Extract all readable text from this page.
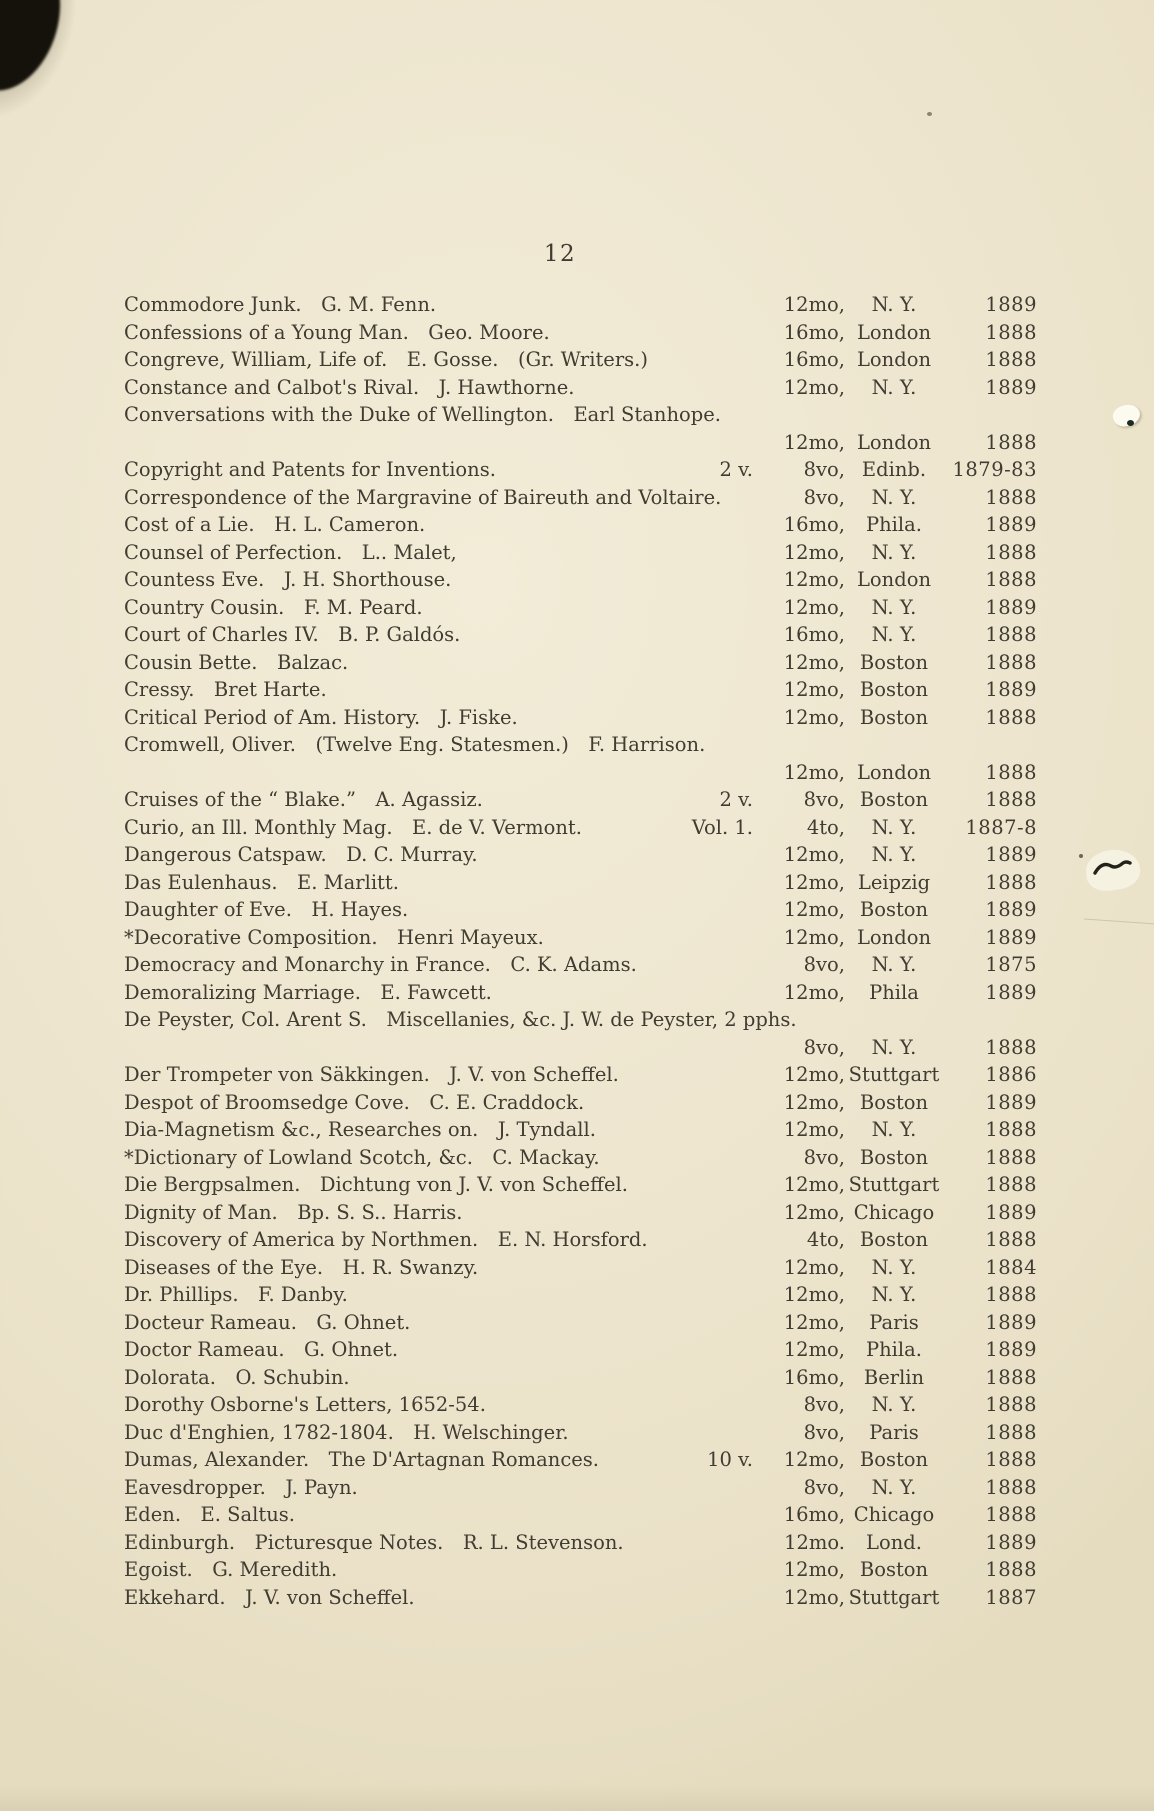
12
Commodore Junk.  G. M. Fenn.	12mo,	N. Y.	1889
Confessions of a Young Man.  Geo. Moore.	16mo, London	1888
Congreve, William, Life of.  E. Gosse.  (Gr. Writers.)	16mo, London	1888
Constance and Calbot's Rival.  J. Hawthorne.	12mo,	N. Y.	1889
Conversations with the Duke of Wellington.  Earl Stanhope.
12mo, London	1888
Copyright and Patents for Inventions.	2 v.	8vo, Edinb.	1879-83
Correspondence of the Margravine of Baireuth and Voltaire.	8vo,	N. Y.	1888
Cost of a Lie.  H. L. Cameron.	16mo,	Phila.	1889
Counsel of Perfection.  L.. Malet,	12mo,	N. Y.	1888
Countess Eve.  J. H. Shorthouse.	12mo, London	1888
Country Cousin.  F. M. Peard.	12mo,	N. Y.	1889
Court of Charles IV.  B. P. Galdós.	16mo,	N. Y.	1888
Cousin Bette.  Balzac.	12mo, Boston	1888
Cressy.  Bret Harte.	12mo, Boston	1889
Critical Period of Am. History.  J. Fiske.	12mo, Boston	1888
Cromwell, Oliver.  (Twelve Eng. Statesmen.)  F. Harrison.
12mo, London	1888
Cruises of the “ Blake.”  A. Agassiz.	2 v.	8vo, Boston	1888
Curio, an Ill. Monthly Mag.  E. de V. Vermont.	Vol. 1.	4to,	N. Y.	1887-8
Dangerous Catspaw.  D. C. Murray.	12mo,	N. Y.	1889
Das Eulenhaus.  E. Marlitt.	12mo, Leipzig	1888
Daughter of Eve.  H. Hayes.	12mo, Boston	1889
*Decorative Composition.  Henri Mayeux.	12mo, London	1889
Democracy and Monarchy in France.  C. K. Adams.	8vo,	N. Y.	1875
Demoralizing Marriage.  E. Fawcett.	12mo,	Phila	1889
De Peyster, Col. Arent S.  Miscellanies, &c. J. W. de Peyster, 2 pphs.
8vo,	N. Y.	1888
Der Trompeter von Säkkingen.  J. V. von Scheffel.	12mo, Stuttgart	1886
Despot of Broomsedge Cove.  C. E. Craddock.	12mo, Boston	1889
Dia-Magnetism &c., Researches on.  J. Tyndall.	12mo,	N. Y.	1888
*Dictionary of Lowland Scotch, &c.  C. Mackay.	8vo, Boston	1888
Die Bergpsalmen.  Dichtung von J. V. von Scheffel.	12mo, Stuttgart	1888
Dignity of Man.  Bp. S. S.. Harris.	12mo, Chicago	1889
Discovery of America by Northmen.  E. N. Horsford.	4to, Boston	1888
Diseases of the Eye.  H. R. Swanzy.	12mo,	N. Y.	1884
Dr. Phillips.  F. Danby.	12mo,	N. Y.	1888
Docteur Rameau.  G. Ohnet.	12mo,	Paris	1889
Doctor Rameau.  G. Ohnet.	12mo,	Phila.	1889
Dolorata.  O. Schubin.	16mo, Berlin	1888
Dorothy Osborne's Letters, 1652-54.	8vo,	N. Y.	1888
Duc d'Enghien, 1782-1804.  H. Welschinger.	8vo,	Paris	1888
Dumas, Alexander.  The D'Artagnan Romances.	10 v.	12mo, Boston	1888
Eavesdropper.  J. Payn.	8vo,	N. Y.	1888
Eden.  E. Saltus.	16mo, Chicago	1888
Edinburgh.  Picturesque Notes.  R. L. Stevenson.	12mo.	Lond.	1889
Egoist.  G. Meredith.	12mo, Boston	1888
Ekkehard.  J. V. von Scheffel.	12mo, Stuttgart	1887
